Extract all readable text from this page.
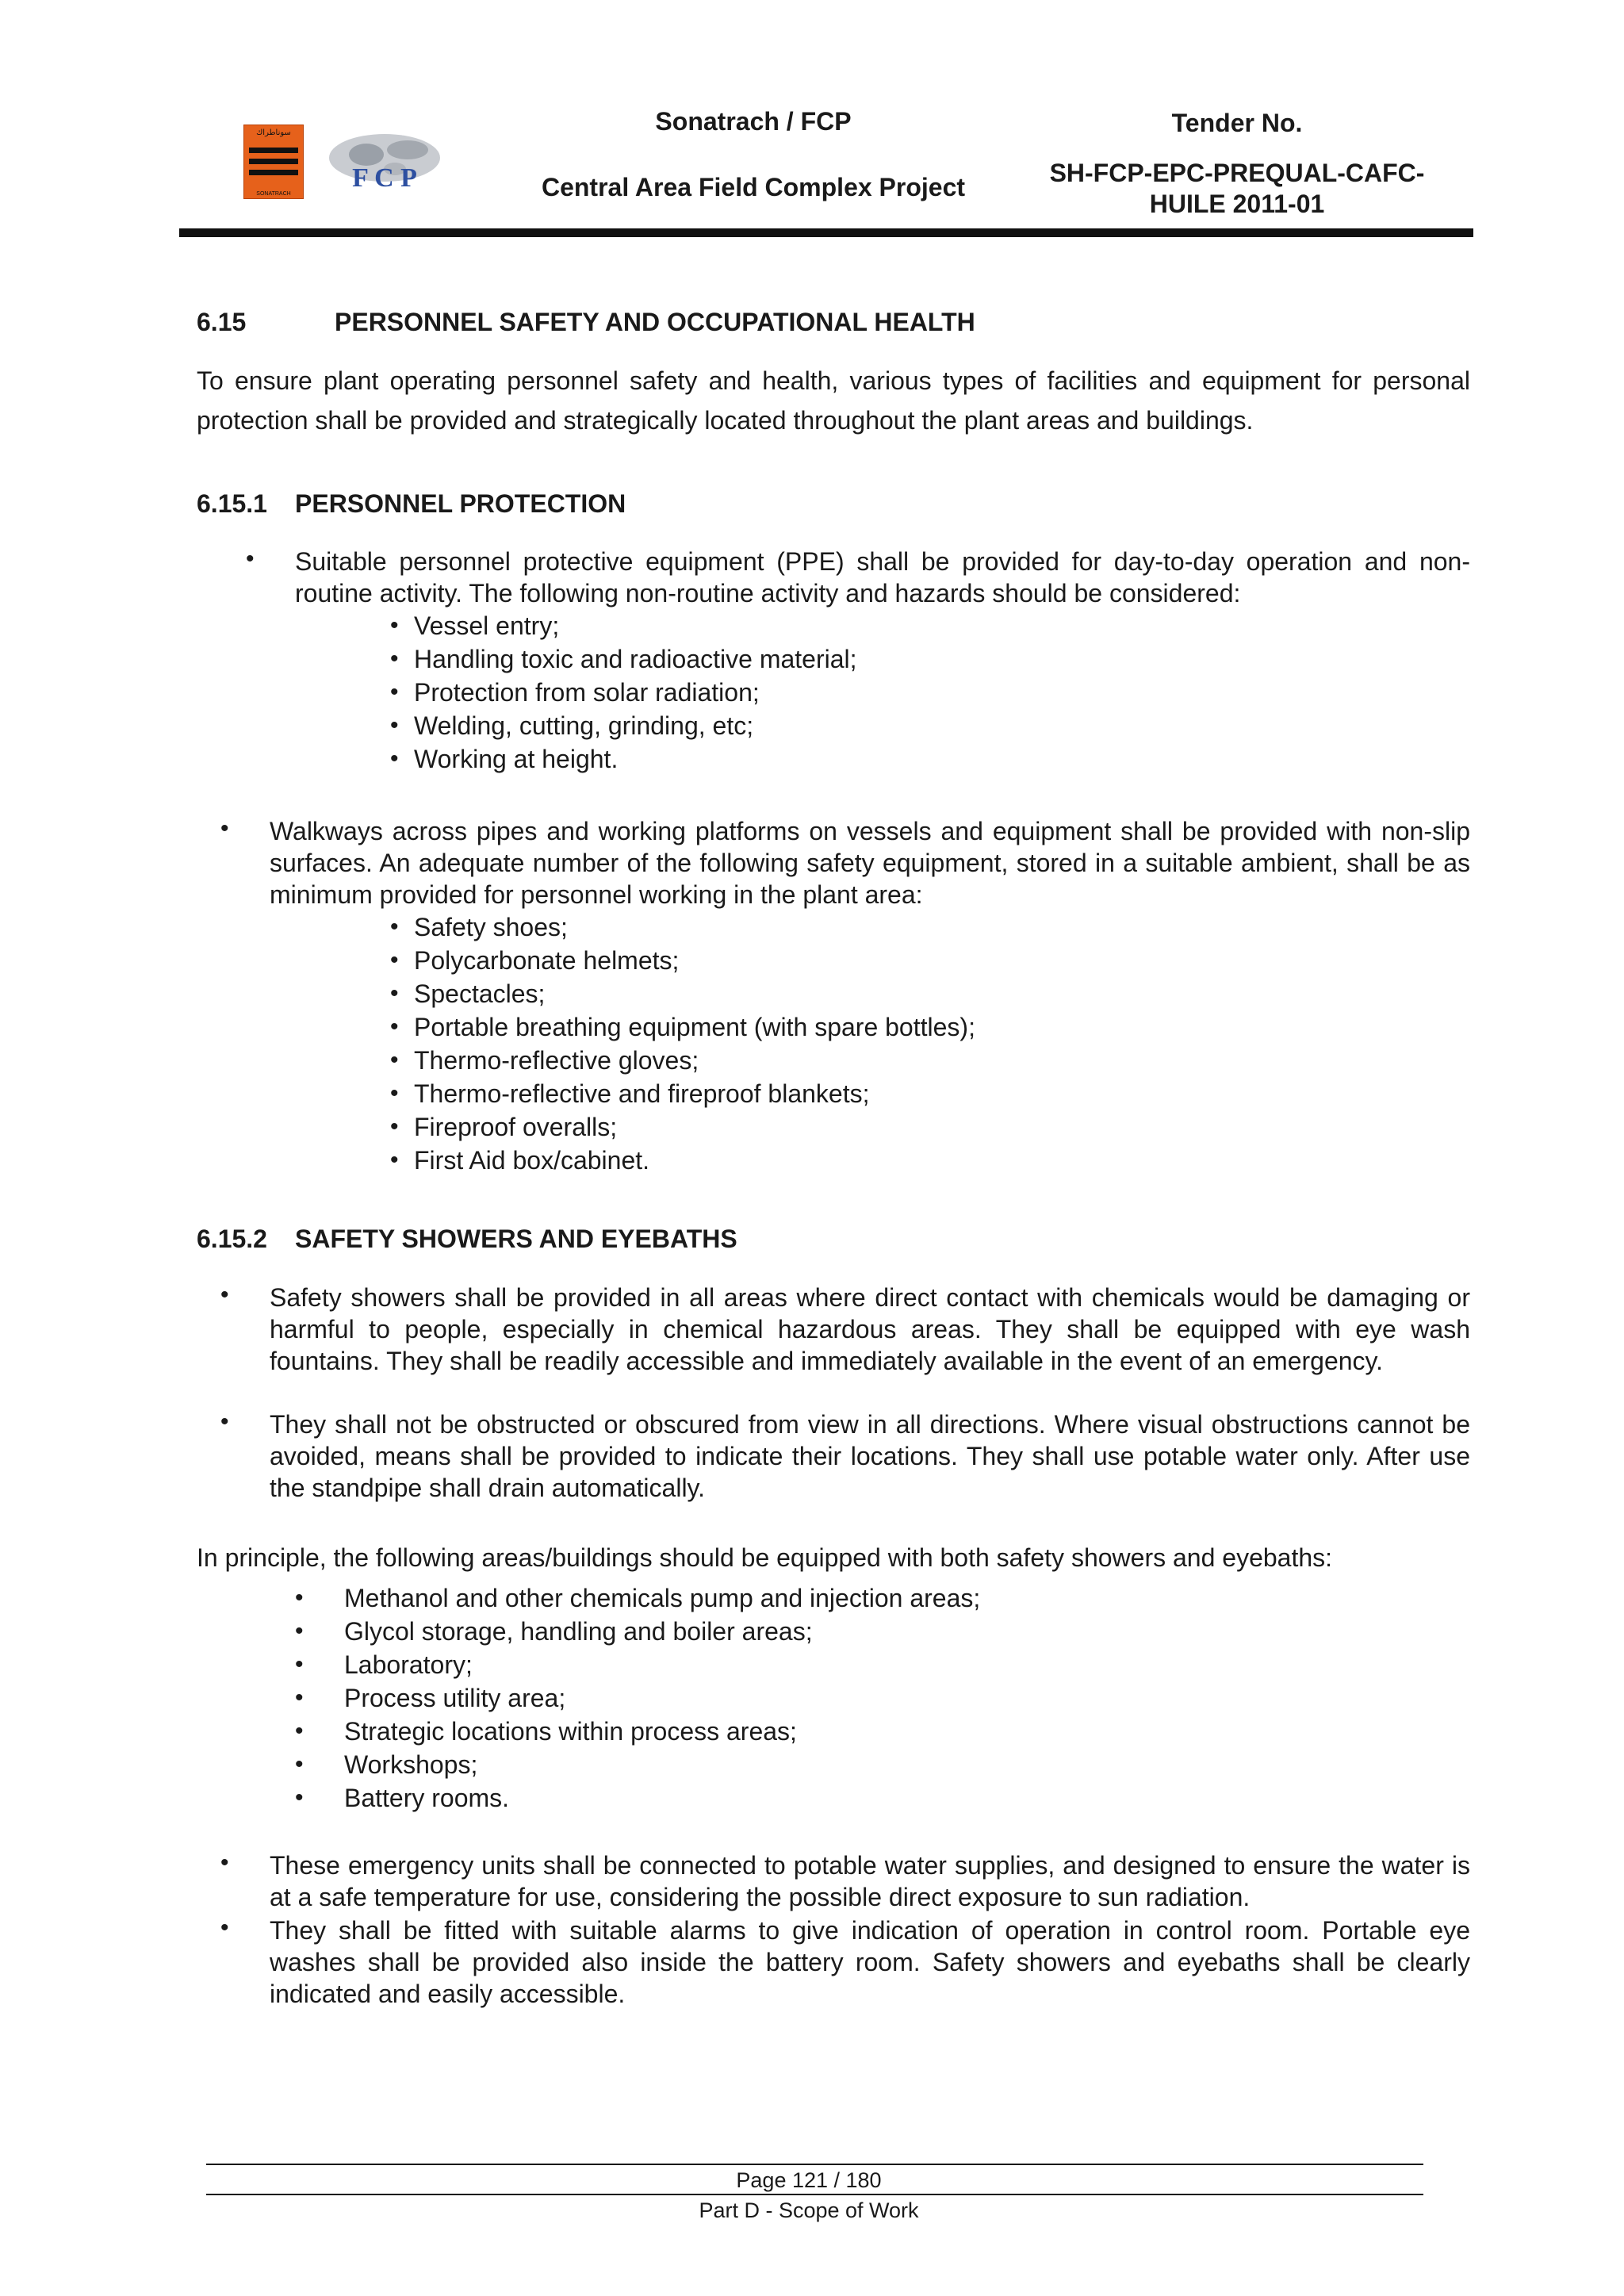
سوناطراك
SONATRACH
F C P
Sonatrach / FCP
Central Area Field Complex Project
Tender No.
SH-FCP-EPC-PREQUAL-CAFC-
HUILE 2011-01
6.15	PERSONNEL SAFETY AND OCCUPATIONAL HEALTH
To ensure plant operating personnel safety and health, various types of facilities and equipment for personal protection shall be provided and strategically located throughout the plant areas and buildings.
6.15.1 PERSONNEL PROTECTION
• Suitable personnel protective equipment (PPE) shall be provided for day-to-day operation and non-routine activity. The following non-routine activity and hazards should be considered:
• Vessel entry;
• Handling toxic and radioactive material;
• Protection from solar radiation;
• Welding, cutting, grinding, etc;
• Working at height.
• Walkways across pipes and working platforms on vessels and equipment shall be provided with non-slip surfaces. An adequate number of the following safety equipment, stored in a suitable ambient, shall be as minimum provided for personnel working in the plant area:
• Safety shoes;
• Polycarbonate helmets;
• Spectacles;
• Portable breathing equipment (with spare bottles);
• Thermo-reflective gloves;
• Thermo-reflective and fireproof blankets;
• Fireproof overalls;
• First Aid box/cabinet.
6.15.2 SAFETY SHOWERS AND EYEBATHS
• Safety showers shall be provided in all areas where direct contact with chemicals would be damaging or harmful to people, especially in chemical hazardous areas. They shall be equipped with eye wash fountains. They shall be readily accessible and immediately available in the event of an emergency.
• They shall not be obstructed or obscured from view in all directions. Where visual obstructions cannot be avoided, means shall be provided to indicate their locations. They shall use potable water only. After use the standpipe shall drain automatically.
In principle, the following areas/buildings should be equipped with both safety showers and eyebaths:
• Methanol and other chemicals pump and injection areas;
• Glycol storage, handling and boiler areas;
• Laboratory;
• Process utility area;
• Strategic locations within process areas;
• Workshops;
• Battery rooms.
• These emergency units shall be connected to potable water supplies, and designed to ensure the water is at a safe temperature for use, considering the possible direct exposure to sun radiation.
• They shall be fitted with suitable alarms to give indication of operation in control room. Portable eye washes shall be provided also inside the battery room. Safety showers and eyebaths shall be clearly indicated and easily accessible.
Page 121 / 180
Part D - Scope of Work
